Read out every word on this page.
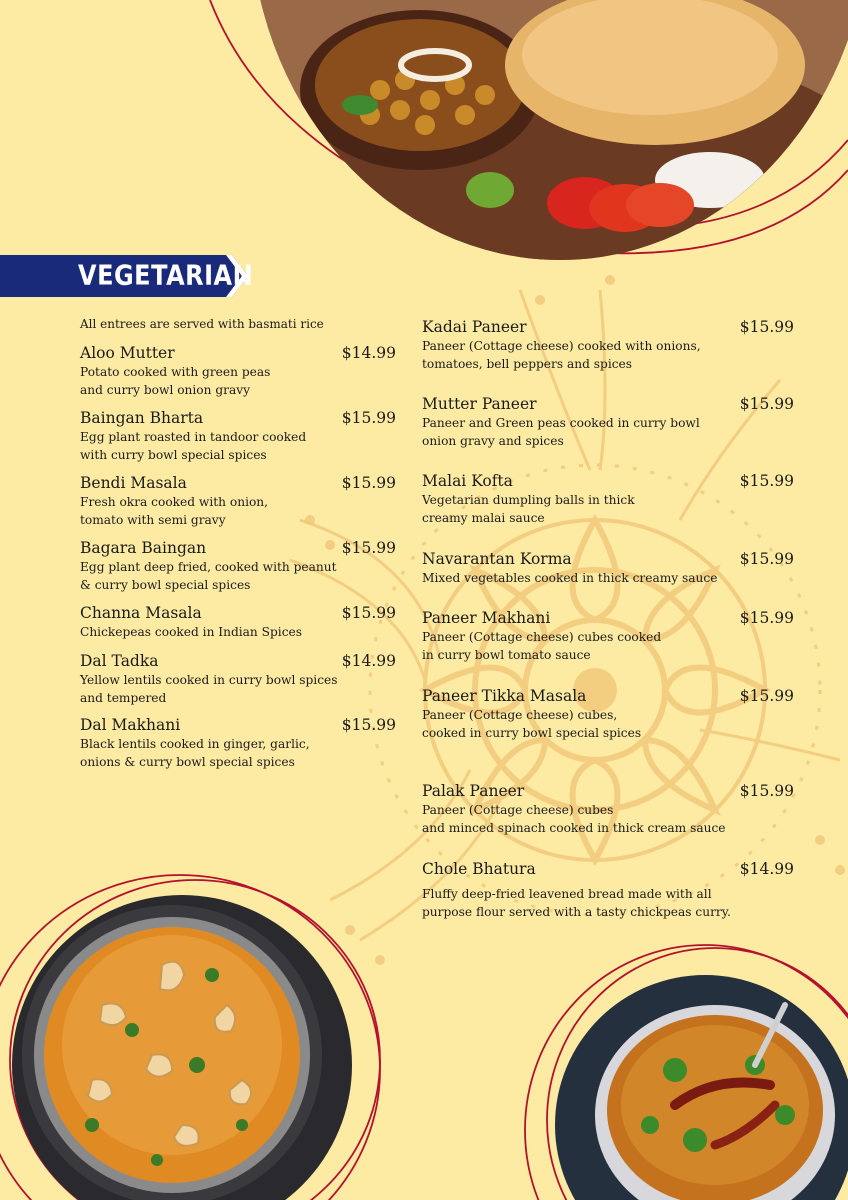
VEGETARIAN
All entrees are served with basmati rice
Aloo Mutter	$14.99
Potato cooked with green peas
and curry bowl onion gravy
Baingan Bharta	$15.99
Egg plant roasted in tandoor cooked
with curry bowl special spices
Bendi Masala	$15.99
Fresh okra cooked with onion,
tomato with semi gravy
Bagara Baingan	$15.99
Egg plant deep fried, cooked with peanut
& curry bowl special spices
Channa Masala	$15.99
Chickepeas cooked in Indian Spices
Dal Tadka	$14.99
Yellow lentils cooked in curry bowl spices
and tempered
Dal Makhani	$15.99
Black lentils cooked in ginger, garlic,
onions & curry bowl special spices
Kadai Paneer	$15.99
Paneer (Cottage cheese) cooked with onions,
tomatoes, bell peppers and spices
Mutter Paneer	$15.99
Paneer and Green peas cooked in curry bowl
onion gravy and spices
Malai Kofta	$15.99
Vegetarian dumpling balls in thick
creamy malai sauce
Navarantan Korma	$15.99
Mixed vegetables cooked in thick creamy sauce
Paneer Makhani	$15.99
Paneer (Cottage cheese) cubes cooked
in curry bowl tomato sauce
Paneer Tikka Masala	$15.99
Paneer (Cottage cheese) cubes,
cooked in curry bowl special spices
Palak Paneer	$15.99
Paneer (Cottage cheese) cubes
and minced spinach cooked in thick cream sauce
Chole Bhatura	$14.99
Fluffy deep-fried leavened bread made with all
purpose flour served with a tasty chickpeas curry.
